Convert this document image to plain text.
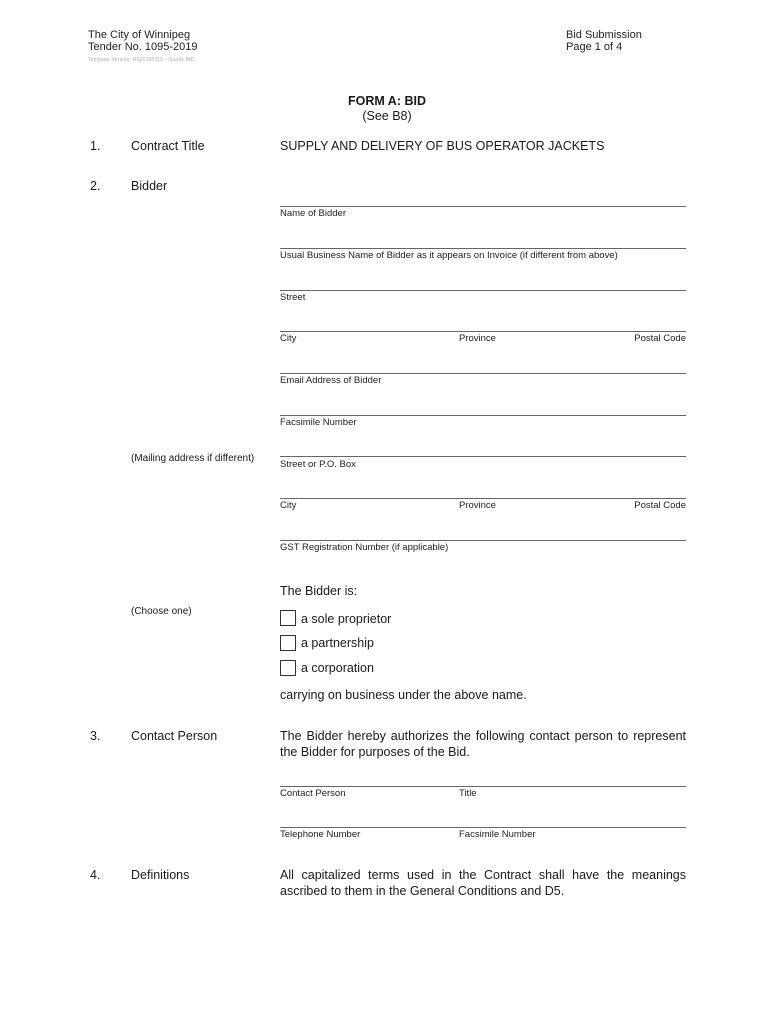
The City of Winnipeg
Tender No. 1095-2019
Template Version: G620190115 - Goods BID
Bid Submission
Page 1 of 4
FORM A: BID
(See B8)
1. Contract Title	SUPPLY AND DELIVERY OF BUS OPERATOR JACKETS
2. Bidder
Name of Bidder
Usual Business Name of Bidder as it appears on Invoice (if different from above)
Street
City	Province	Postal Code
Email Address of Bidder
Facsimile Number
(Mailing address if different)
Street or P.O. Box
City	Province	Postal Code
GST Registration Number (if applicable)
The Bidder is:
(Choose one)
a sole proprietor
a partnership
a corporation
carrying on business under the above name.
3. Contact Person	The Bidder hereby authorizes the following contact person to represent the Bidder for purposes of the Bid.
Contact Person	Title
Telephone Number	Facsimile Number
4. Definitions	All capitalized terms used in the Contract shall have the meanings ascribed to them in the General Conditions and D5.
